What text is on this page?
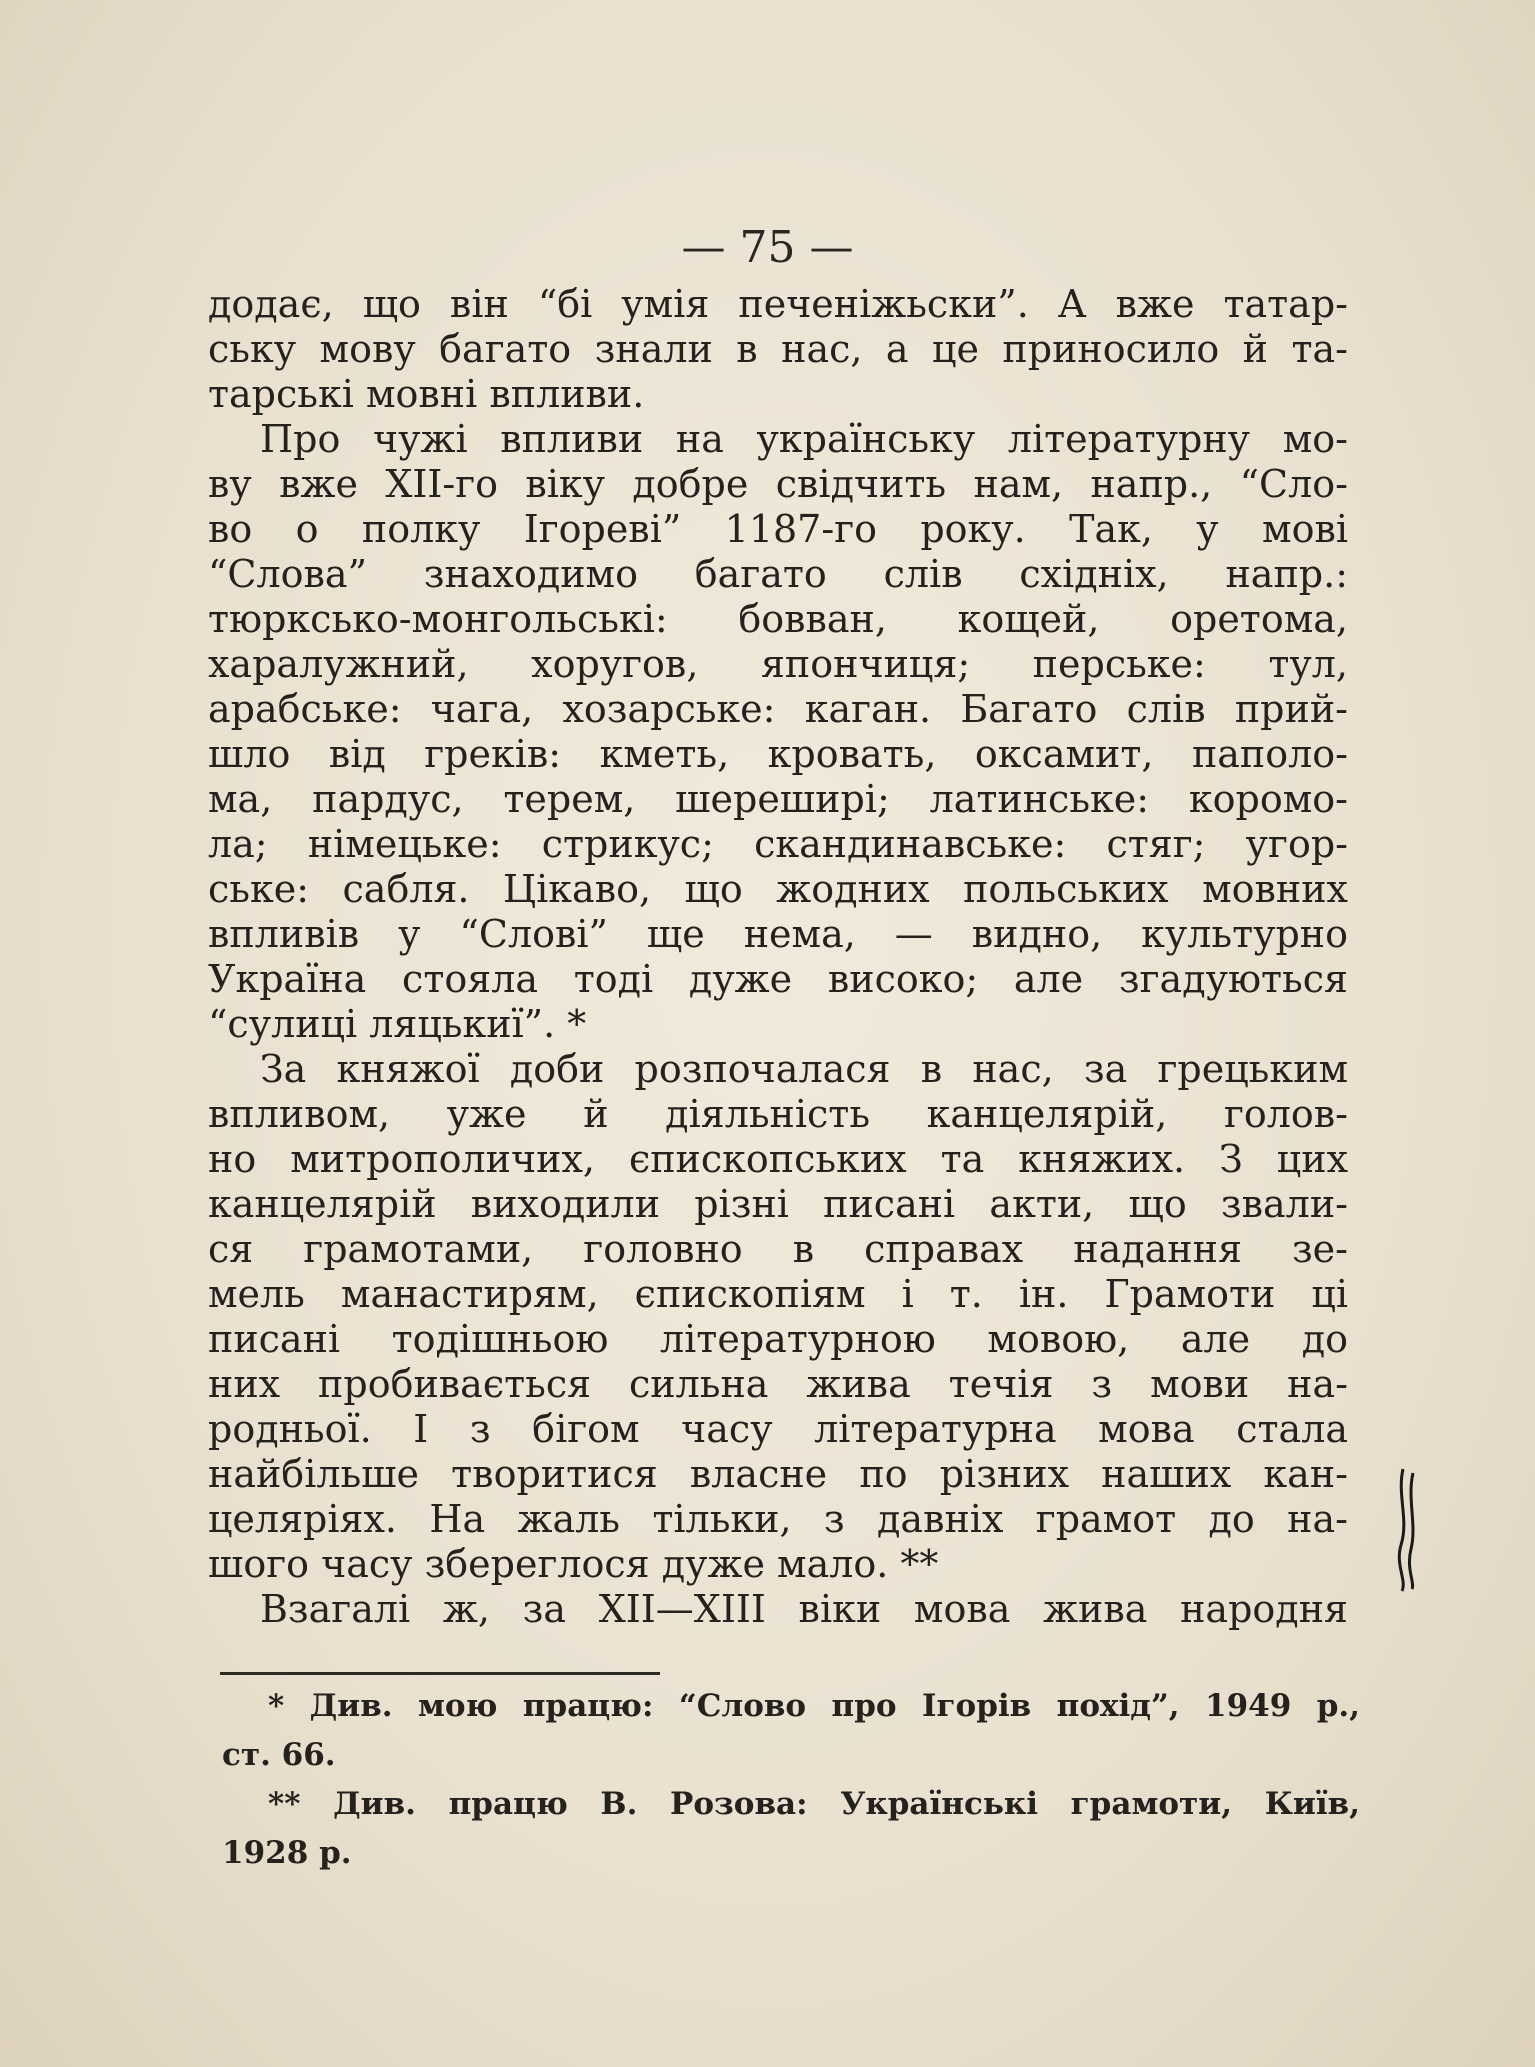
— 75 —
додає, що він “бі умія печеніжьски”. А вже татар-
ську мову багато знали в нас, а це приносило й та-
тарські мовні впливи.
Про чужі впливи на українську літературну мо-
ву вже XII-го віку добре свідчить нам, напр., “Сло-
во о полку Ігореві” 1187-го року. Так, у мові
“Слова” знаходимо багато слів східніх, напр.:
тюрксько-монгольські: бовван, кощей, оретома,
харалужний, хоругов, япончиця; перське: тул,
арабське: чага, хозарське: каган. Багато слів прий-
шло від греків: кметь, кровать, оксамит, паполо-
ма, пардус, терем, шереширі; латинське: коромо-
ла; німецьке: стрикус; скандинавське: стяг; угор-
ське: сабля. Цікаво, що жодних польських мовних
впливів у “Слові” ще нема, — видно, культурно
Україна стояла тоді дуже високо; але згадуються
“сулиці ляцькиї”. *
За княжої доби розпочалася в нас, за грецьким
впливом, уже й діяльність канцелярій, голов-
но митрополичих, єпископських та княжих. З цих
канцелярій виходили різні писані акти, що звали-
ся грамотами, головно в справах надання зе-
мель манастирям, єпископіям і т. ін. Грамоти ці
писані тодішньою літературною мовою, але до
них пробивається сильна жива течія з мови на-
родньої. І з бігом часу літературна мова стала
найбільше творитися власне по різних наших кан-
целяріях. На жаль тільки, з давніх грамот до на-
шого часу збереглося дуже мало. **
Взагалі ж, за XII—XIII віки мова жива народня
* Див. мою працю: “Слово про Ігорів похід”, 1949 р.,
ст. 66.
** Див. працю В. Розова: Українські грамоти, Київ,
1928 р.
